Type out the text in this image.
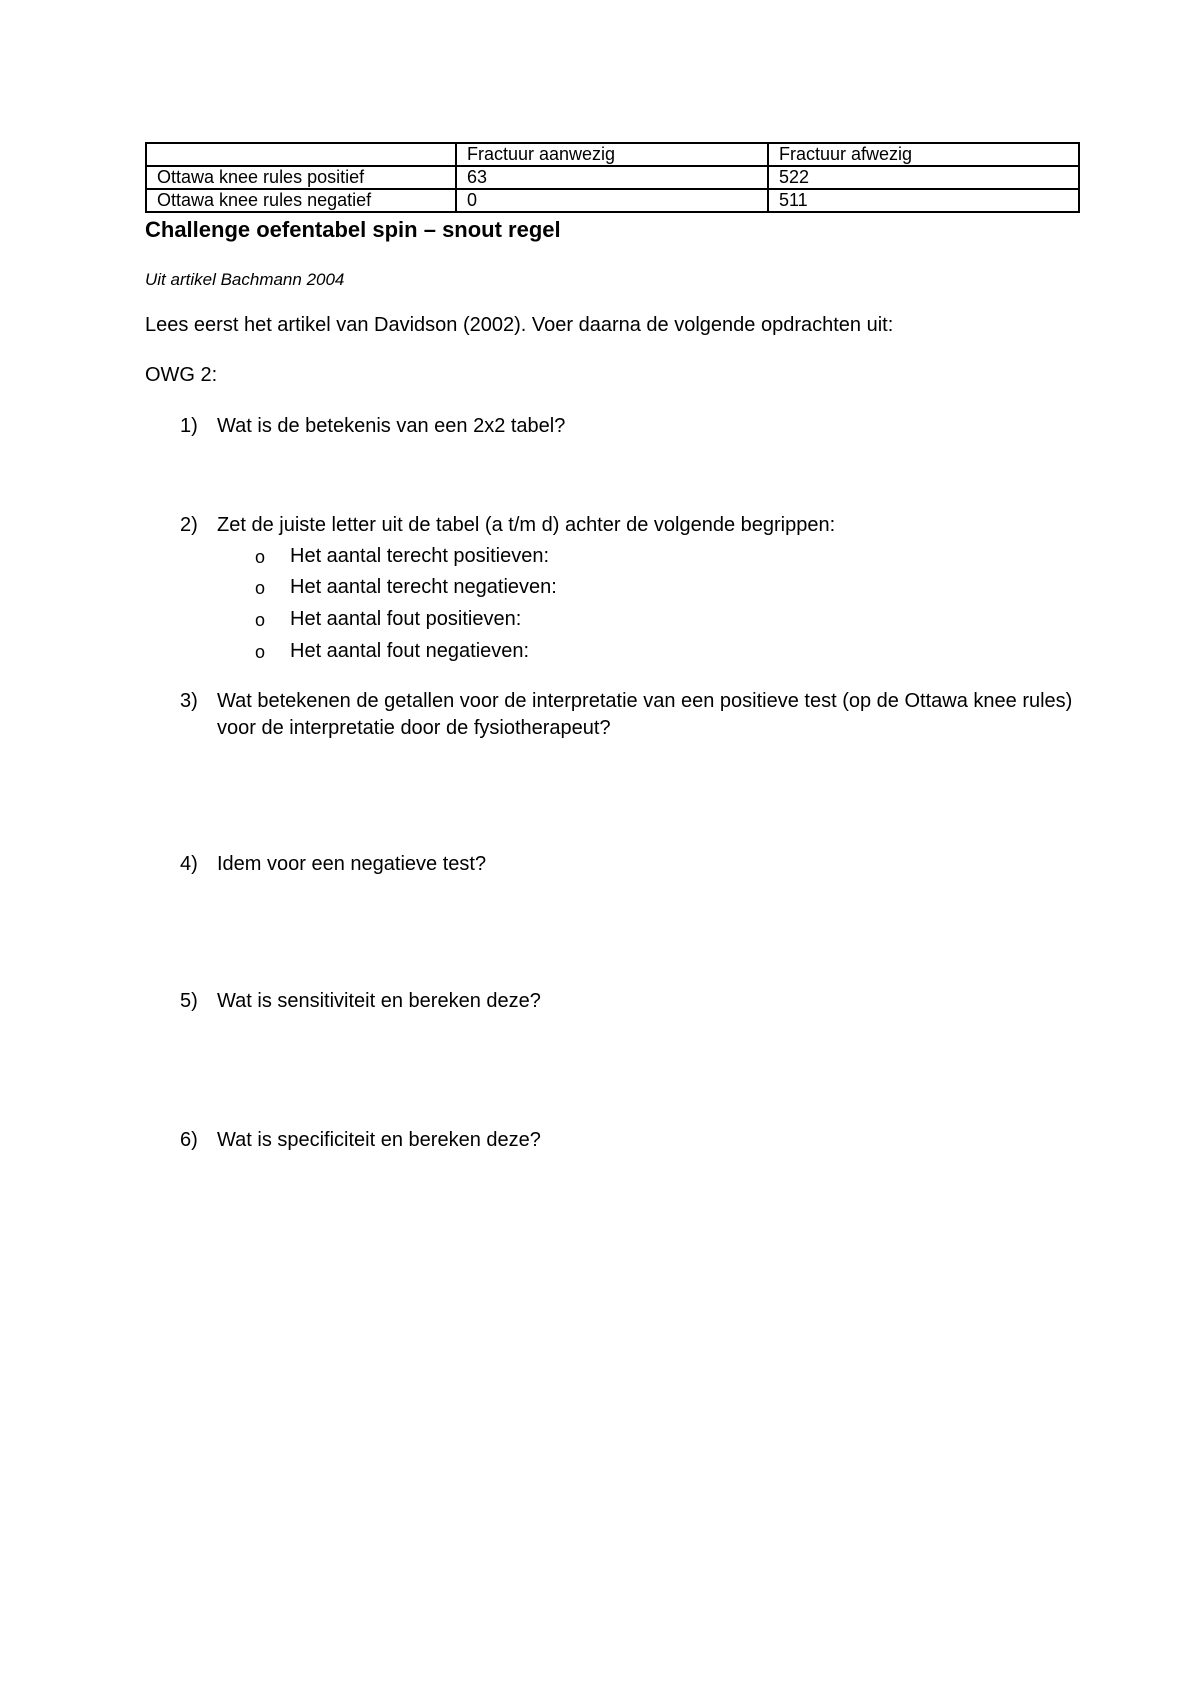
	Fractuur aanwezig	Fractuur afwezig
Ottawa knee rules positief	63	522
Ottawa knee rules negatief	0	511
Challenge oefentabel spin – snout regel
Uit artikel Bachmann 2004
Lees eerst het artikel van Davidson (2002). Voer daarna de volgende opdrachten uit:
OWG 2:
1) Wat is de betekenis van een 2x2 tabel?
2) Zet de juiste letter uit de tabel (a t/m d) achter de volgende begrippen:
o Het aantal terecht positieven:
o Het aantal terecht negatieven:
o Het aantal fout positieven:
o Het aantal fout negatieven:
3) Wat betekenen de getallen voor de interpretatie van een positieve test (op de Ottawa knee rules) voor de interpretatie door de fysiotherapeut?
4) Idem voor een negatieve test?
5) Wat is sensitiviteit en bereken deze?
6) Wat is specificiteit en bereken deze?
